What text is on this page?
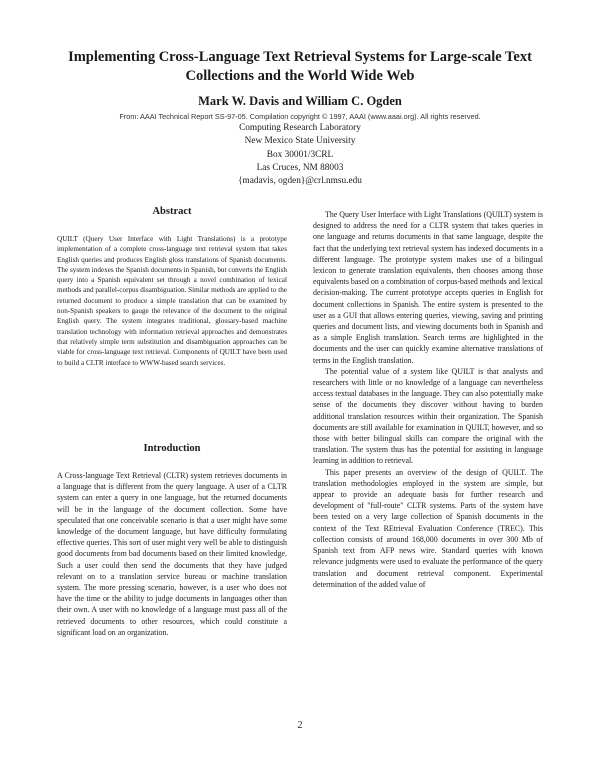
Implementing Cross-Language Text Retrieval Systems for Large-scale Text
Collections and the World Wide Web
Mark W. Davis and William C. Ogden
From: AAAI Technical Report SS-97-05. Compilation copyright © 1997, AAAI (www.aaai.org). All rights reserved.
Computing Research Laboratory
New Mexico State University
Box 30001/3CRL
Las Cruces, NM 88003
{madavis, ogden}@crl.nmsu.edu
Abstract

QUILT (Query User Interface with Light Translations) is a prototype implementation of a complete cross-language text retrieval system that takes English queries and produces English gloss translations of Spanish documents. The system indexes the Spanish documents in Spanish, but converts the English query into a Spanish equivalent set through a novel combination of lexical methods and parallel-corpus disambiguation. Similar methods are applied to the returned document to produce a simple translation that can be examined by non-Spanish speakers to gauge the relevance of the document to the original English query. The system integrates traditional, glossary-based machine translation technology with information retrieval approaches and demonstrates that relatively simple term substitution and disambiguation approaches can be viable for cross-language text retrieval. Components of QUILT have been used to build a CLTR interface to WWW-based search services.

Introduction

A Cross-language Text Retrieval (CLTR) system retrieves documents in a language that is different from the query language. A user of a CLTR system can enter a query in one language, but the returned documents will be in the language of the document collection. Some have speculated that one conceivable scenario is that a user might have some knowledge of the document language, but have difficulty formulating effective queries. This sort of user might very well be able to distinguish good documents from bad documents based on their limited knowledge. Such a user could then send the documents that they have judged relevant on to a translation service bureau or machine translation system. The more pressing scenario, however, is a user who does not have the time or the ability to judge documents in languages other than their own. A user with no knowledge of a language must pass all of the retrieved documents to other resources, which could constitute a significant load on an organization.

The Query User Interface with Light Translations (QUILT) system is designed to address the need for a CLTR system that takes queries in one language and returns documents in that same language, despite the fact that the underlying text retrieval system has indexed documents in a different language. The prototype system makes use of a bilingual lexicon to generate translation equivalents, then chooses among those equivalents based on a combination of corpus-based methods and lexical decision-making. The current prototype accepts queries in English for document collections in Spanish. The entire system is presented to the user as a GUI that allows entering queries, viewing, saving and printing queries and document lists, and viewing documents both in Spanish and as a simple English translation. Search terms are highlighted in the documents and the user can quickly examine alternative translations of terms in the English translation.

The potential value of a system like QUILT is that analysts and researchers with little or no knowledge of a language can nevertheless access textual databases in the language. They can also potentially make sense of the documents they discover without having to burden additional translation resources within their organization. The Spanish documents are still available for examination in QUILT, however, and so those with better bilingual skills can compare the original with the translation. The system thus has the potential for assisting in language learning in addition to retrieval.

This paper presents an overview of the design of QUILT. The translation methodologies employed in the system are simple, but appear to provide an adequate basis for further research and development of "full-route" CLTR systems. Parts of the system have been tested on a very large collection of Spanish documents in the context of the Text REtrieval Evaluation Conference (TREC). This collection consists of around 168,000 documents in over 300 Mb of Spanish text from AFP news wire. Standard queries with known relevance judgments were used to evaluate the performance of the query translation and document retrieval component. Experimental determination of the added value of

2
